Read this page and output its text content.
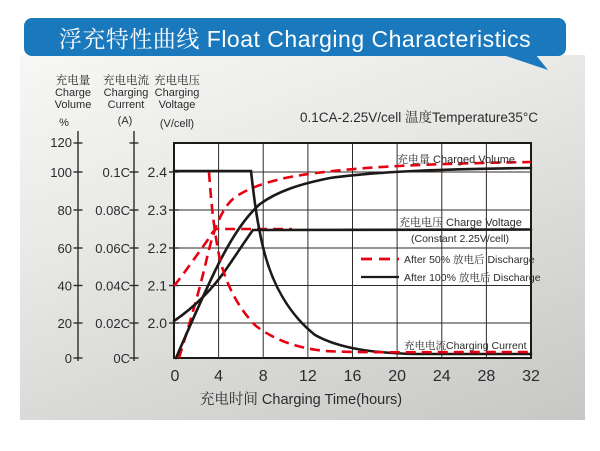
浮充特性曲线 Float Charging Characteristics
充电量
Charge
Volume
%
充电电流
Charging
Current
(A)
充电电压
Charging
Voltage
(V/cell)
120
100
80
60
40
20
0
0.1C
0.08C
0.06C
0.04C
0.02C
0C
2.4
2.3
2.2
2.1
2.0
0 4 8 12 16 20 24 28 32
0.1CA-2.25V/cell 温度Temperature35°C
充电时间 Charging Time(hours)
充电量 Charged Volume
充电电压 Charge Voltage
(Constant 2.25V/cell)
充电电流Charging Current
After 50% 放电后 Discharge
After 100% 放电后 Discharge
